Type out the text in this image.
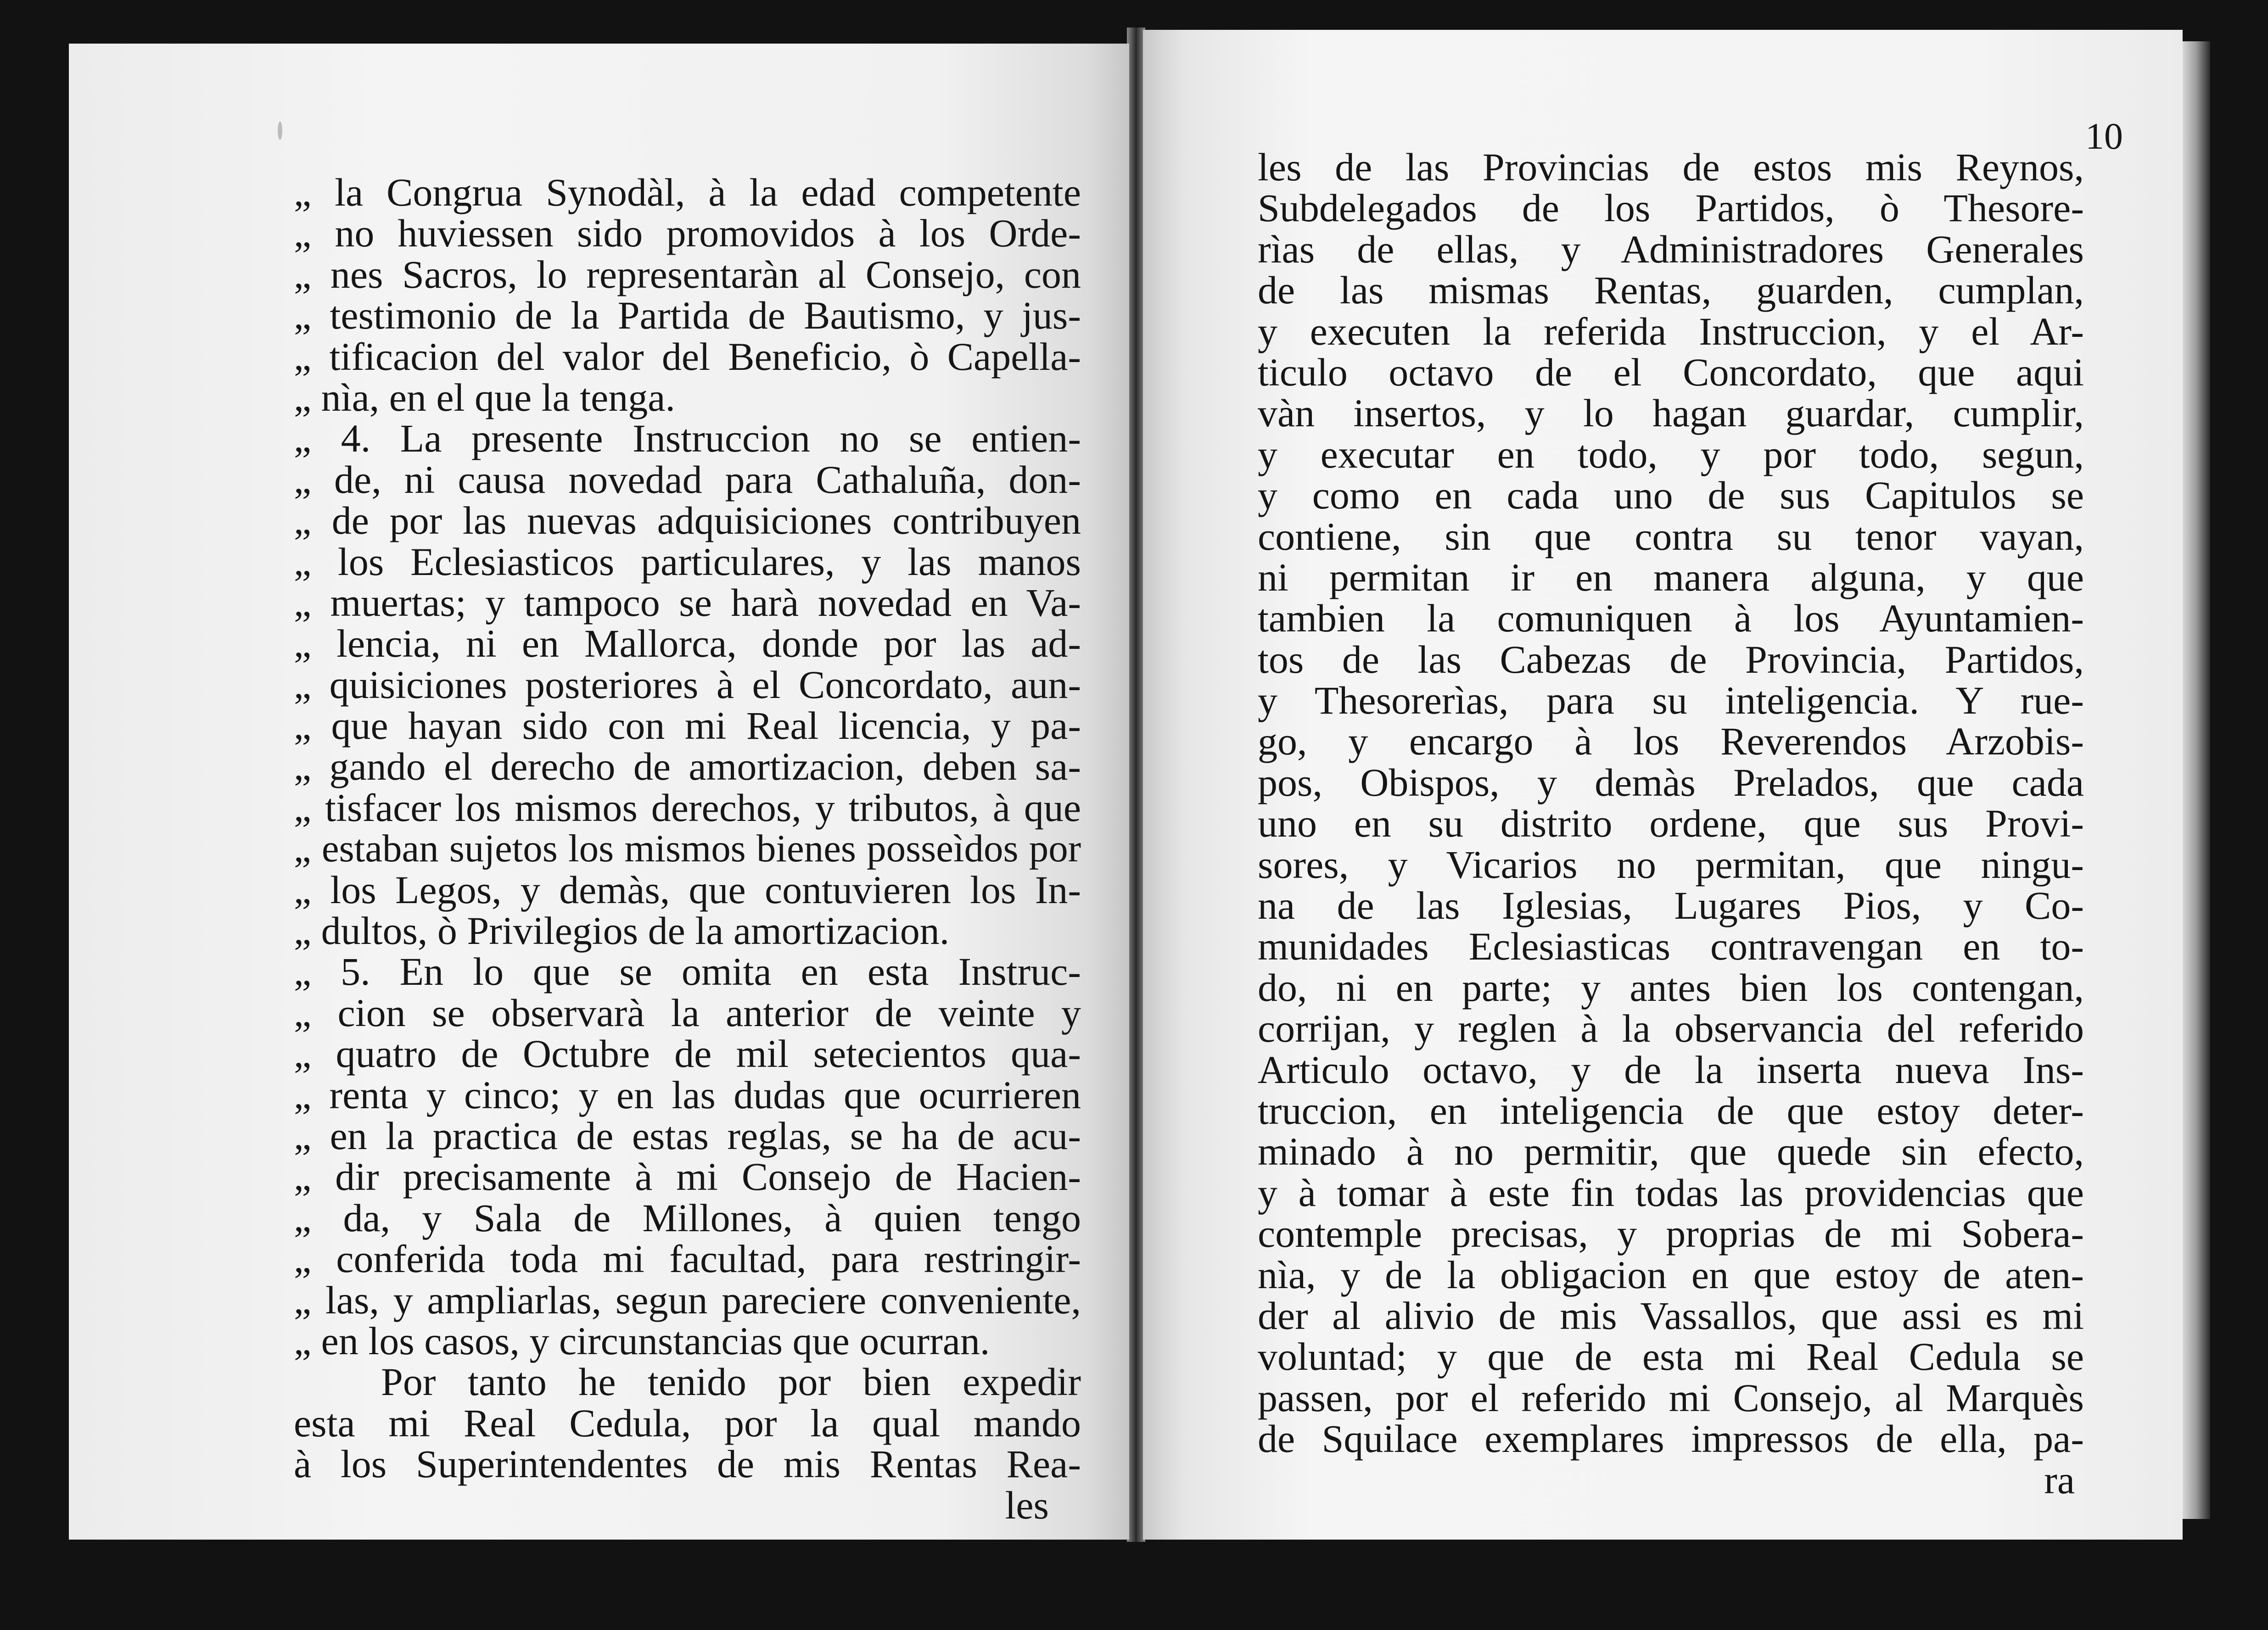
„ la Congrua Synodàl, à la edad competente
„ no huviessen sido promovidos à los Orde-
„ nes Sacros, lo representaràn al Consejo, con
„ testimonio de la Partida de Bautismo, y jus-
„ tificacion del valor del Beneficio, ò Capella-
„ nìa, en el que la tenga.
„ 4. La presente Instruccion no se entien-
„ de, ni causa novedad para Cathaluña, don-
„ de por las nuevas adquisiciones contribuyen
„ los Eclesiasticos particulares, y las manos
„ muertas; y tampoco se harà novedad en Va-
„ lencia, ni en Mallorca, donde por las ad-
„ quisiciones posteriores à el Concordato, aun-
„ que hayan sido con mi Real licencia, y pa-
„ gando el derecho de amortizacion, deben sa-
„ tisfacer los mismos derechos, y tributos, à que
„ estaban sujetos los mismos bienes posseìdos por
„ los Legos, y demàs, que contuvieren los In-
„ dultos, ò Privilegios de la amortizacion.
„ 5. En lo que se omita en esta Instruc-
„ cion se observarà la anterior de veinte y
„ quatro de Octubre de mil setecientos qua-
„ renta y cinco; y en las dudas que ocurrieren
„ en la practica de estas reglas, se ha de acu-
„ dir precisamente à mi Consejo de Hacien-
„ da, y Sala de Millones, à quien tengo
„ conferida toda mi facultad, para restringir-
„ las, y ampliarlas, segun pareciere conveniente,
„ en los casos, y circunstancias que ocurran.
Por tanto he tenido por bien expedir
esta mi Real Cedula, por la qual mando
à los Superintendentes de mis Rentas Rea-
les
10
les de las Provincias de estos mis Reynos,
Subdelegados de los Partidos, ò Thesore-
rìas de ellas, y Administradores Generales
de las mismas Rentas, guarden, cumplan,
y executen la referida Instruccion, y el Ar-
ticulo octavo de el Concordato, que aqui
vàn insertos, y lo hagan guardar, cumplir,
y executar en todo, y por todo, segun,
y como en cada uno de sus Capitulos se
contiene, sin que contra su tenor vayan,
ni permitan ir en manera alguna, y que
tambien la comuniquen à los Ayuntamien-
tos de las Cabezas de Provincia, Partidos,
y Thesorerìas, para su inteligencia. Y rue-
go, y encargo à los Reverendos Arzobis-
pos, Obispos, y demàs Prelados, que cada
uno en su distrito ordene, que sus Provi-
sores, y Vicarios no permitan, que ningu-
na de las Iglesias, Lugares Pios, y Co-
munidades Eclesiasticas contravengan en to-
do, ni en parte; y antes bien los contengan,
corrijan, y reglen à la observancia del referido
Articulo octavo, y de la inserta nueva Ins-
truccion, en inteligencia de que estoy deter-
minado à no permitir, que quede sin efecto,
y à tomar à este fin todas las providencias que
contemple precisas, y proprias de mi Sobera-
nìa, y de la obligacion en que estoy de aten-
der al alivio de mis Vassallos, que assi es mi
voluntad; y que de esta mi Real Cedula se
passen, por el referido mi Consejo, al Marquès
de Squilace exemplares impressos de ella, pa-
ra
